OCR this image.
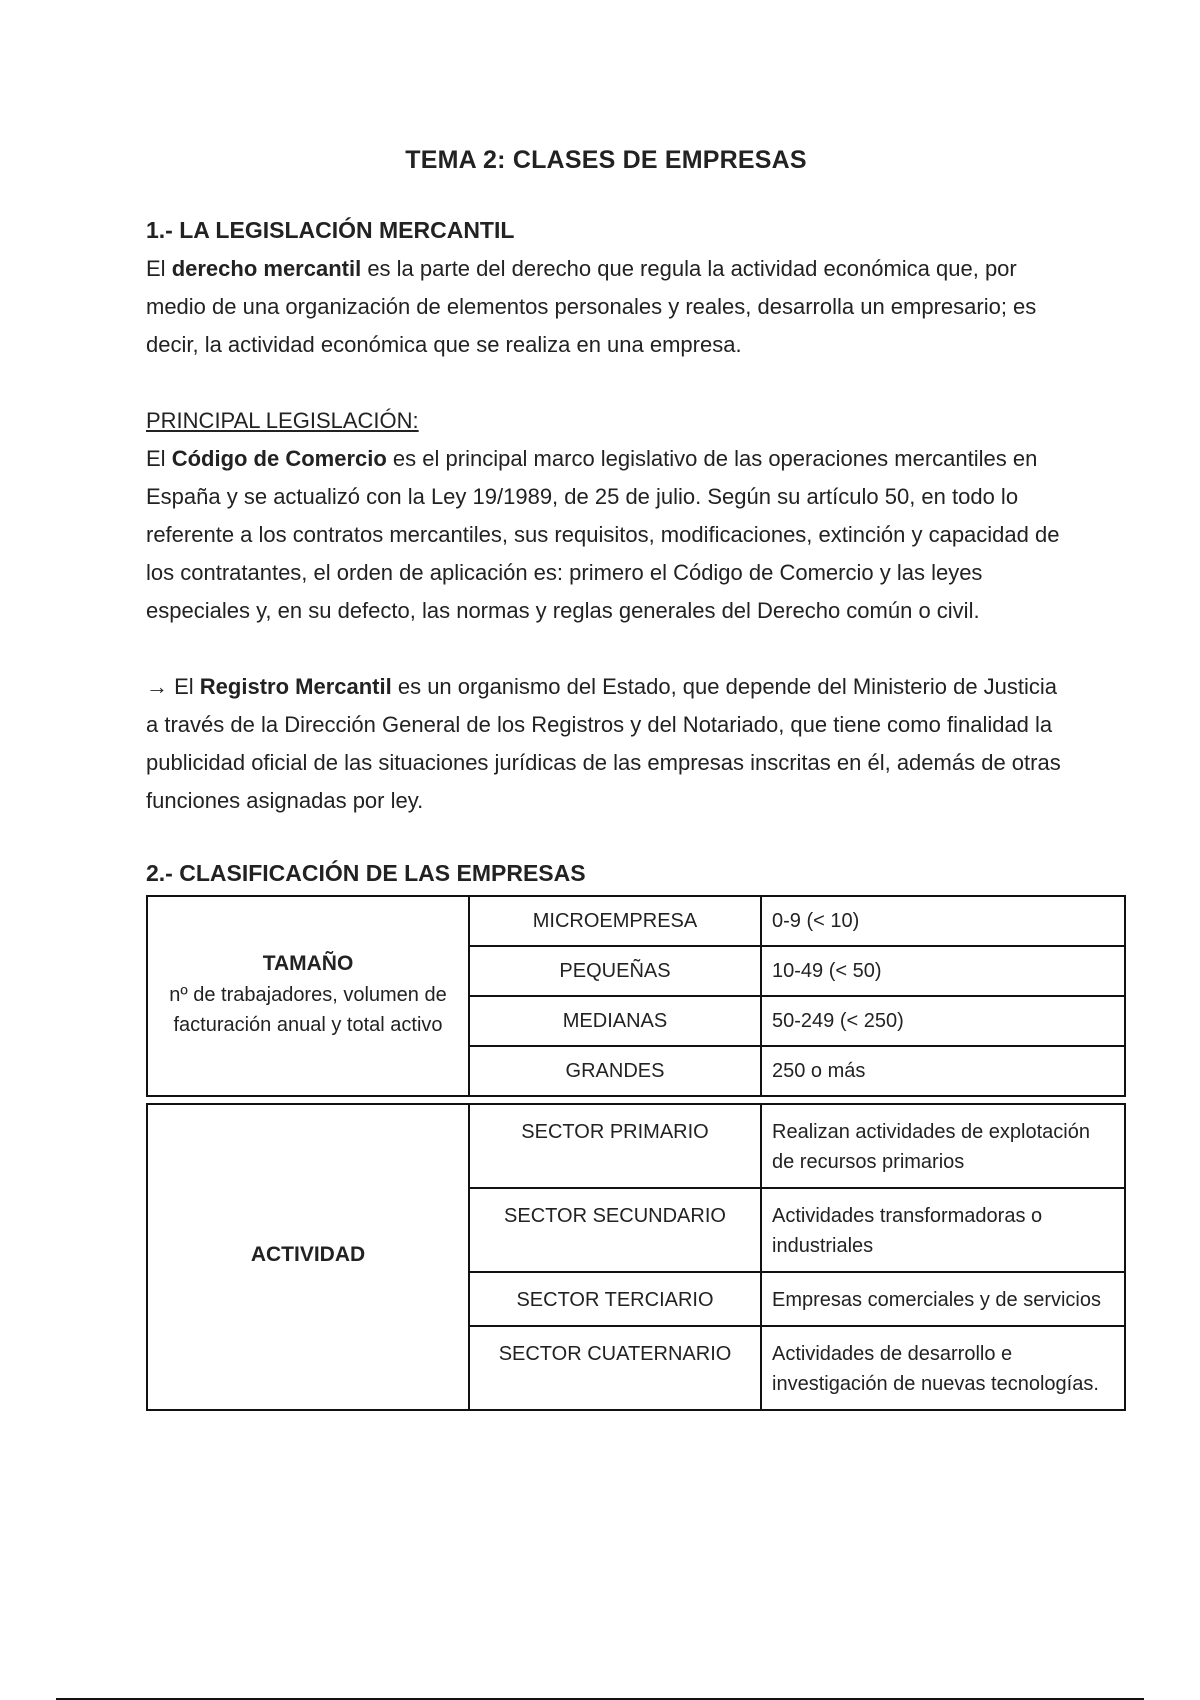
TEMA 2: CLASES DE EMPRESAS
1.- LA LEGISLACIÓN MERCANTIL

El derecho mercantil es la parte del derecho que regula la actividad económica que, por medio de una organización de elementos personales y reales, desarrolla un empresario; es decir, la actividad económica que se realiza en una empresa.

PRINCIPAL LEGISLACIÓN:

El Código de Comercio es el principal marco legislativo de las operaciones mercantiles en España y se actualizó con la Ley 19/1989, de 25 de julio. Según su artículo 50, en todo lo referente a los contratos mercantiles, sus requisitos, modificaciones, extinción y capacidad de los contratantes, el orden de aplicación es: primero el Código de Comercio y las leyes especiales y, en su defecto, las normas y reglas generales del Derecho común o civil.

→ El Registro Mercantil es un organismo del Estado, que depende del Ministerio de Justicia a través de la Dirección General de los Registros y del Notariado, que tiene como finalidad la publicidad oficial de las situaciones jurídicas de las empresas inscritas en él, además de otras funciones asignadas por ley.

2.- CLASIFICACIÓN DE LAS EMPRESAS
TAMAÑO
nº de trabajadores, volumen de facturación anual y total activo	MICROEMPRESA	0-9 (< 10)
	PEQUEÑAS	10-49 (< 50)
	MEDIANAS	50-249 (< 250)
	GRANDES	250 o más
ACTIVIDAD	SECTOR PRIMARIO	Realizan actividades de explotación de recursos primarios
	SECTOR SECUNDARIO	Actividades transformadoras o industriales
	SECTOR TERCIARIO	Empresas comerciales y de servicios
	SECTOR CUATERNARIO	Actividades de desarrollo e investigación de nuevas tecnologías.
